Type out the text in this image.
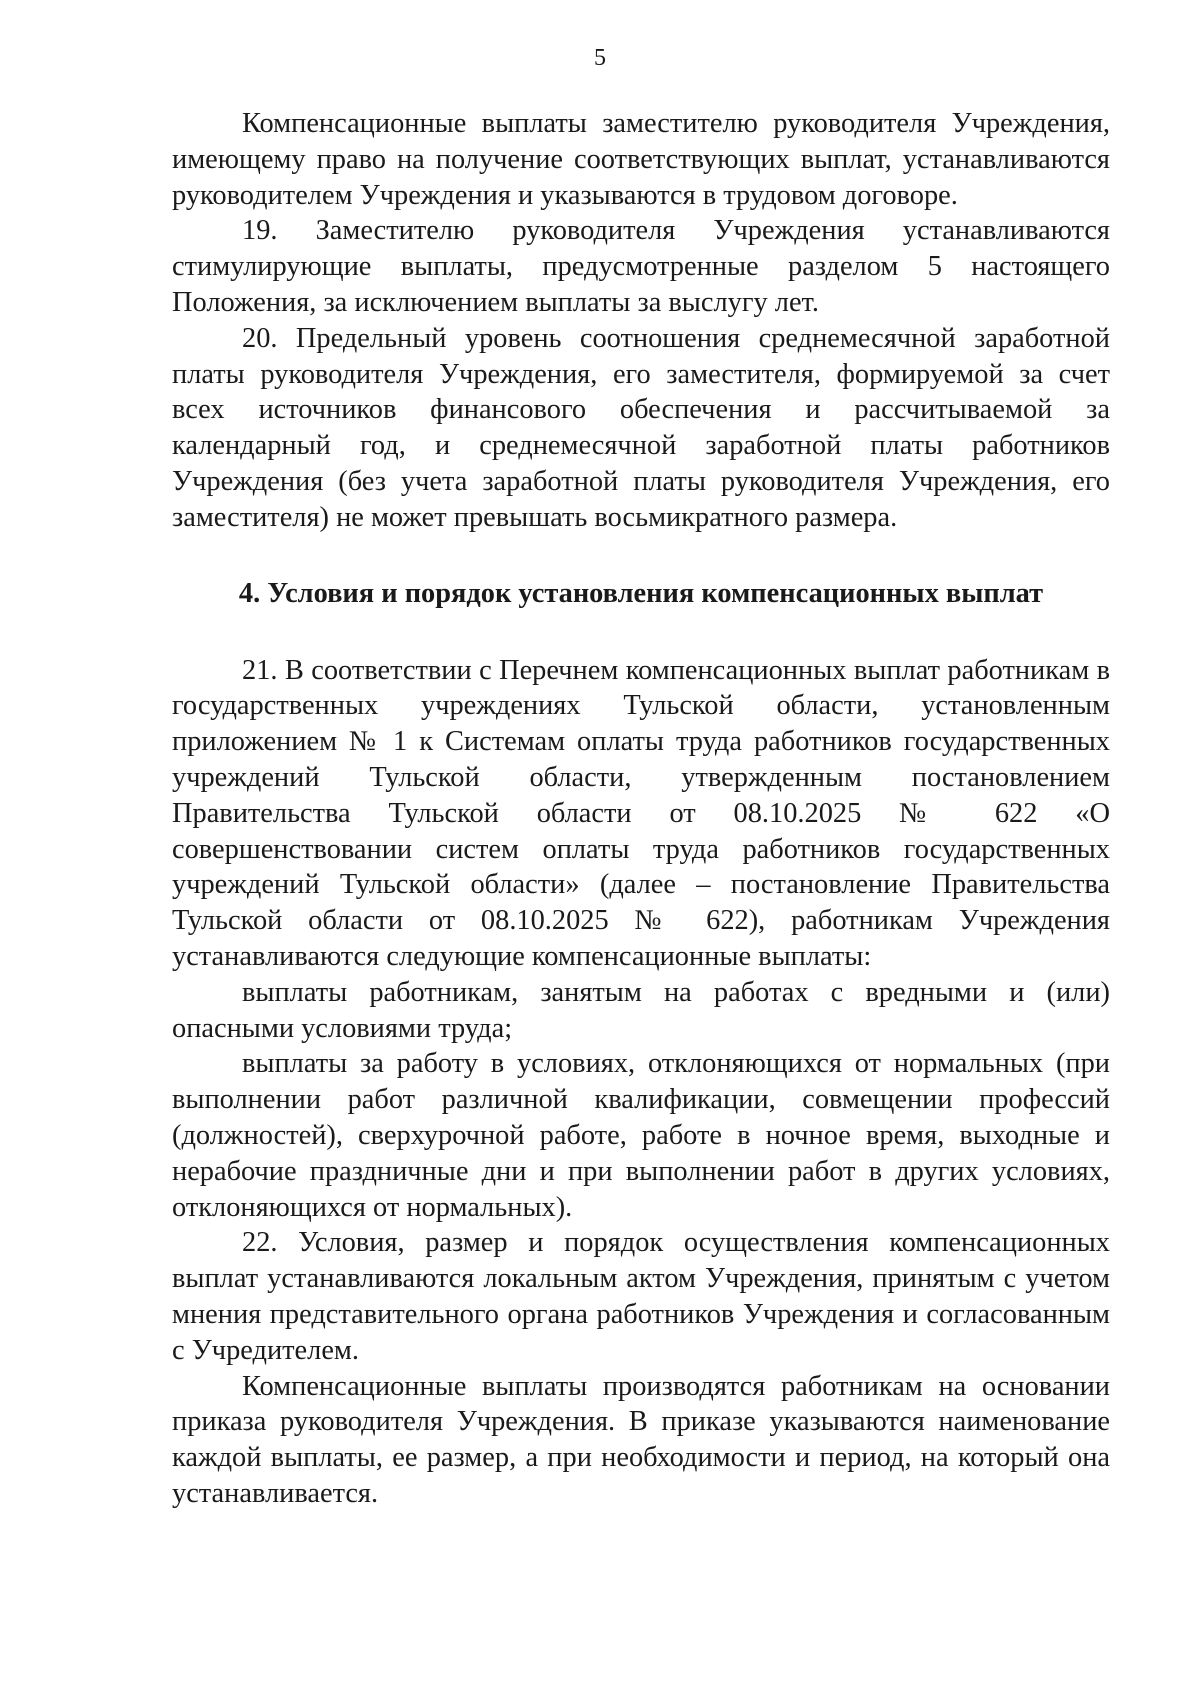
5

Компенсационные выплаты заместителю руководителя Учреждения, имеющему право на получение соответствующих выплат, устанавливаются руководителем Учреждения и указываются в трудовом договоре.

19. Заместителю руководителя Учреждения устанавливаются стимулирующие выплаты, предусмотренные разделом 5 настоящего Положения, за исключением выплаты за выслугу лет.

20. Предельный уровень соотношения среднемесячной заработной платы руководителя Учреждения, его заместителя, формируемой за счет всех источников финансового обеспечения и рассчитываемой за календарный год, и среднемесячной заработной платы работников Учреждения (без учета заработной платы руководителя Учреждения, его заместителя) не может превышать восьмикратного размера.

4. Условия и порядок установления компенсационных выплат

21. В соответствии с Перечнем компенсационных выплат работникам в государственных учреждениях Тульской области, установленным приложением № 1 к Системам оплаты труда работников государственных учреждений Тульской области, утвержденным постановлением Правительства Тульской области от 08.10.2025 № 622 «О совершенствовании систем оплаты труда работников государственных учреждений Тульской области» (далее – постановление Правительства Тульской области от 08.10.2025 № 622), работникам Учреждения устанавливаются следующие компенсационные выплаты:

выплаты работникам, занятым на работах с вредными и (или) опасными условиями труда;

выплаты за работу в условиях, отклоняющихся от нормальных (при выполнении работ различной квалификации, совмещении профессий (должностей), сверхурочной работе, работе в ночное время, выходные и нерабочие праздничные дни и при выполнении работ в других условиях, отклоняющихся от нормальных).

22. Условия, размер и порядок осуществления компенсационных выплат устанавливаются локальным актом Учреждения, принятым с учетом мнения представительного органа работников Учреждения и согласованным с Учредителем.

Компенсационные выплаты производятся работникам на основании приказа руководителя Учреждения. В приказе указываются наименование каждой выплаты, ее размер, а при необходимости и период, на который она устанавливается.
